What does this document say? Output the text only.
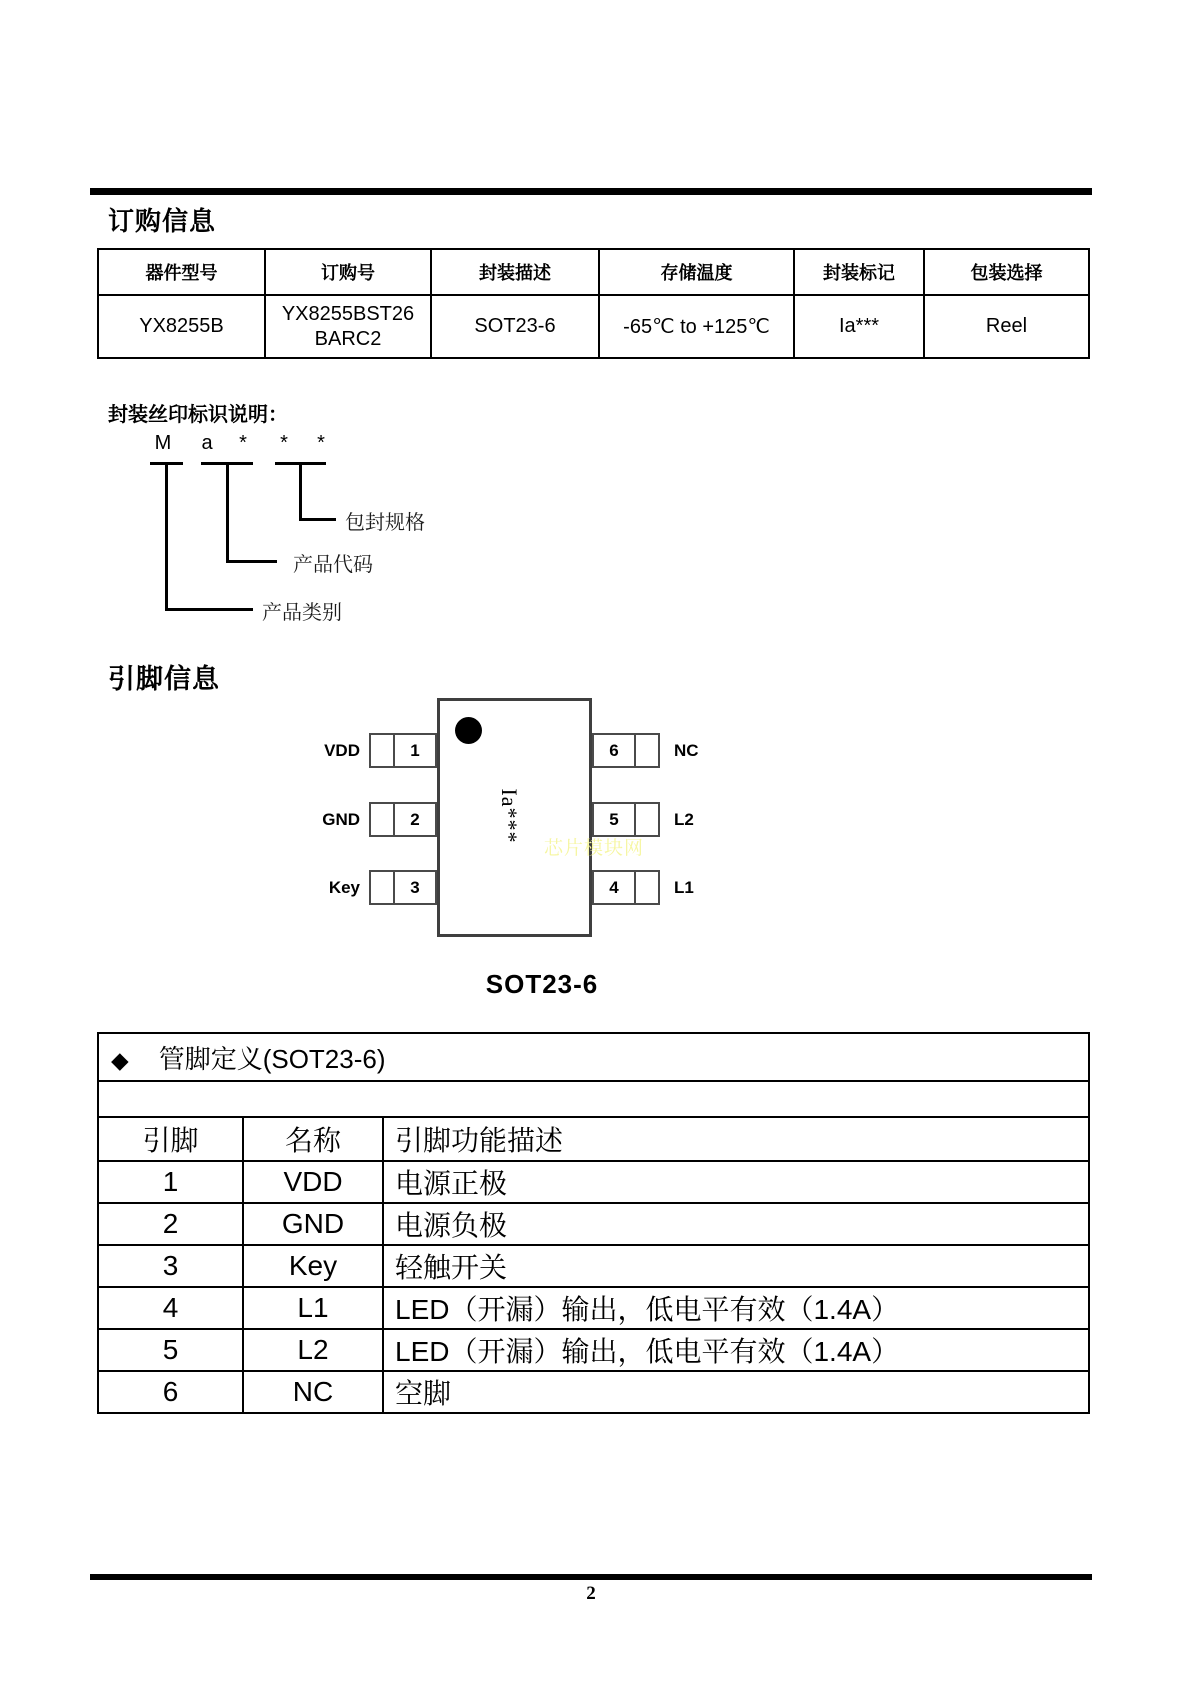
订购信息
器件型号	订购号	封装描述	存储温度	封装标记	包装选择
YX8255B	YX8255BST26
BARC2	SOT23-6	-65℃ to +125℃	Ia***	Reel
封装丝印标识说明：
M a * * *
包封规格
产品代码
产品类别
引脚信息
Ia***
芯片模块网
VDD	1
GND	2
Key	3
6	NC
5	L2
4	L1
SOT23-6
◆ 管脚定义(SOT23-6)		

引脚	名称	引脚功能描述
1	VDD	电源正极
2	GND	电源负极
3	Key	轻触开关
4	L1	LED（开漏）输出，低电平有效（1.4A）
5	L2	LED（开漏）输出，低电平有效（1.4A）
6	NC	空脚
2
